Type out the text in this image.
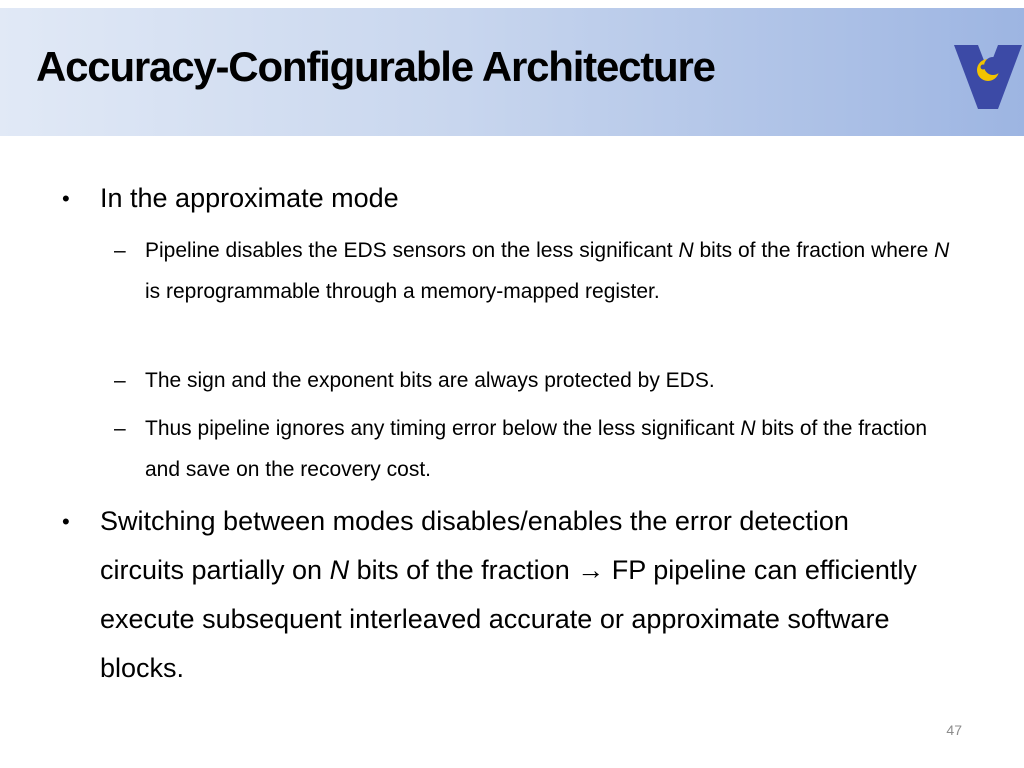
Accuracy-Configurable Architecture
• In the approximate mode
– Pipeline disables the EDS sensors on the less significant N bits of the fraction where N is reprogrammable through a memory-mapped register.
– The sign and the exponent bits are always protected by EDS.
– Thus pipeline ignores any timing error below the less significant N bits of the fraction and save on the recovery cost.
• Switching between modes disables/enables the error detection circuits partially on N bits of the fraction → FP pipeline can efficiently execute subsequent interleaved accurate or approximate software blocks.
47
